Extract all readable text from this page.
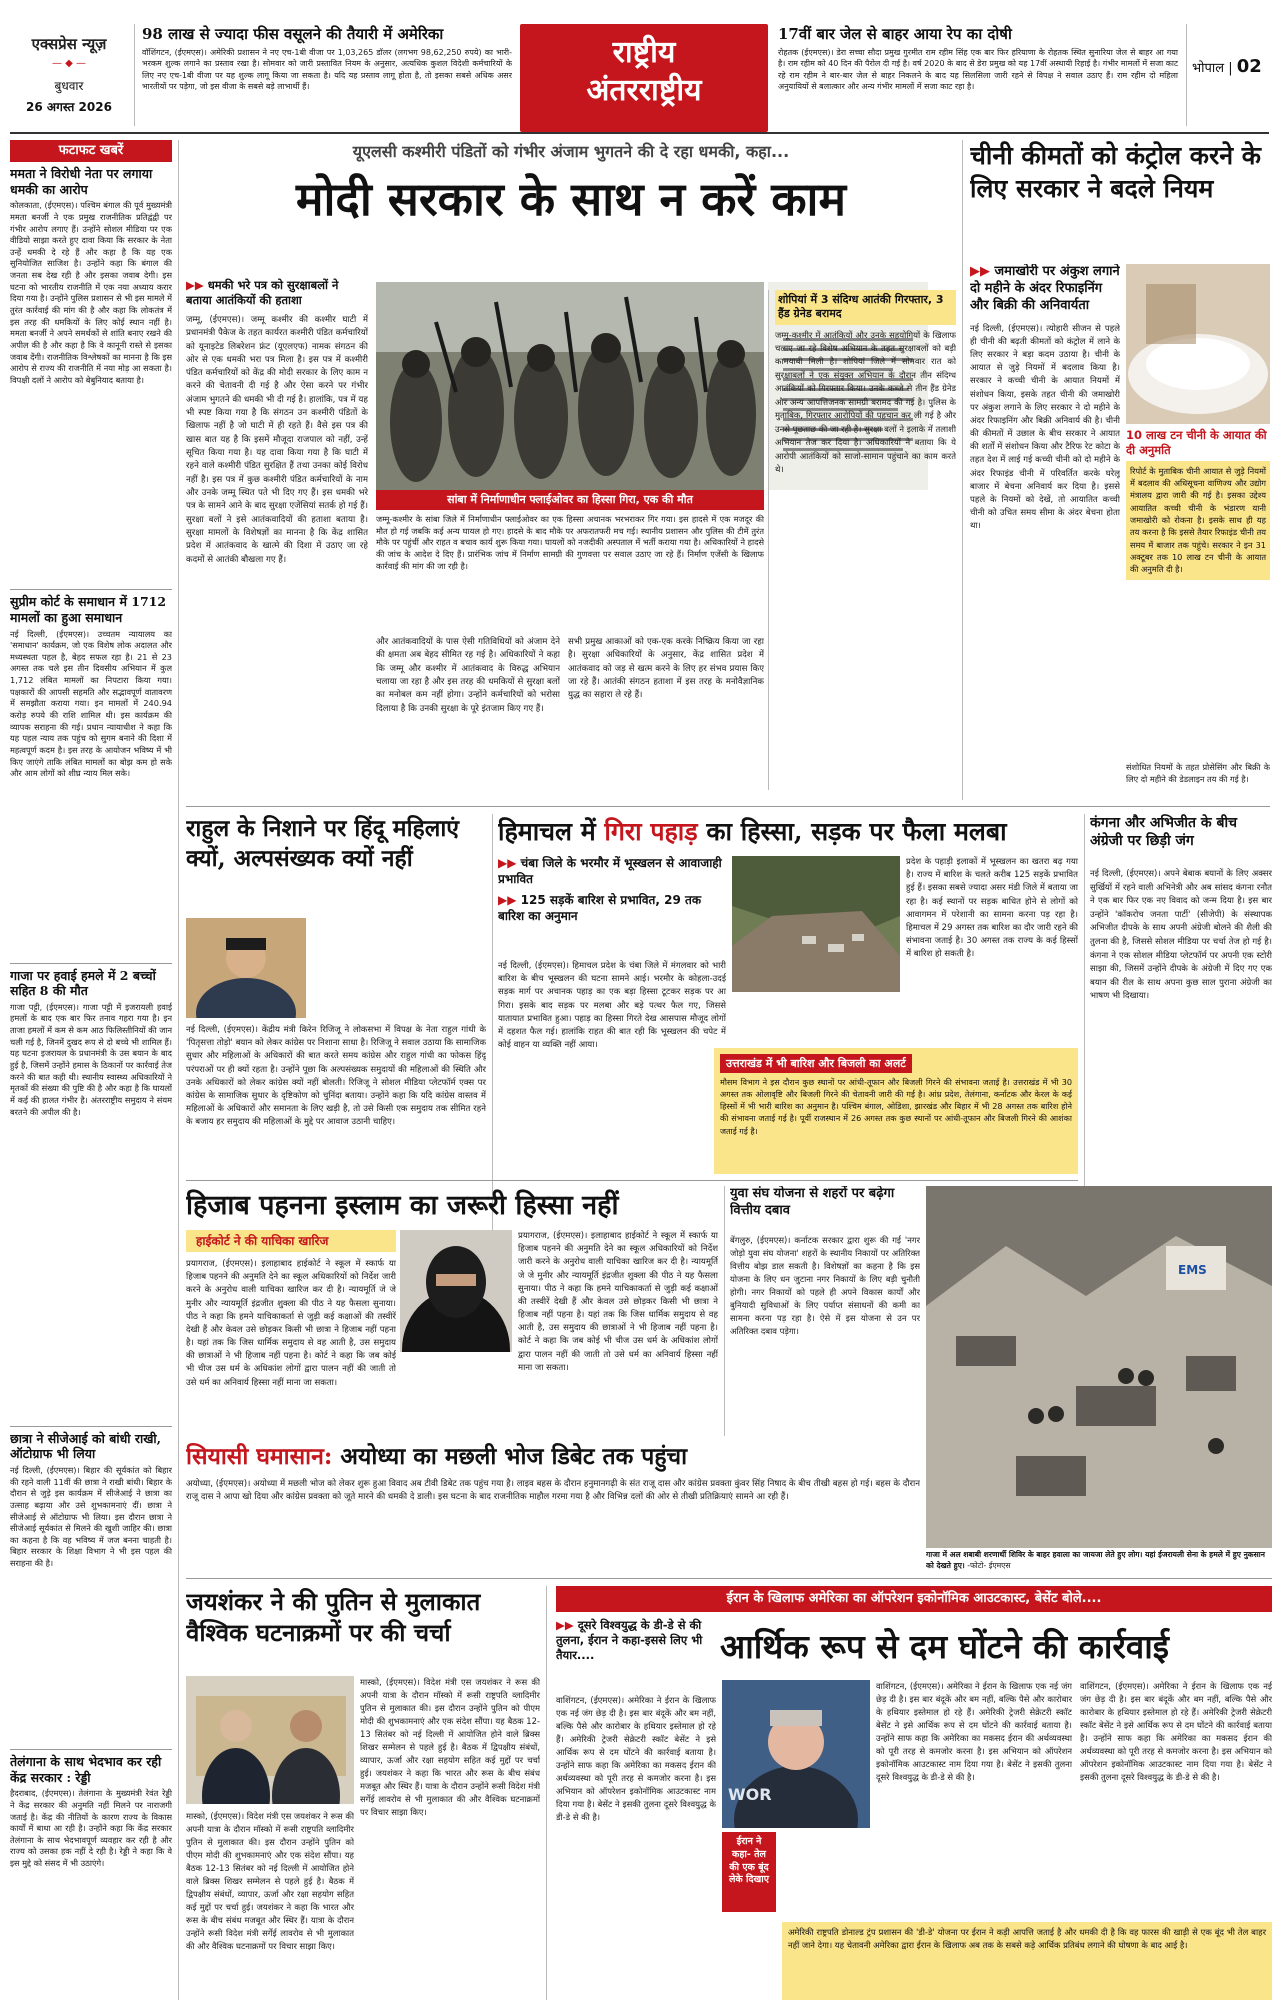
एक्सप्रेस न्यूज़
— ◆ —
बुधवार
26 अगस्त 2026
98 लाख से ज्यादा फीस वसूलने की तैयारी में अमेरिका
वॉशिंगटन, (ईएमएस)। अमेरिकी प्रशासन ने नए एच-1बी वीजा पर 1,03,265 डॉलर (लगभग 98,62,250 रुपये) का भारी-भरकम शुल्क लगाने का प्रस्ताव रखा है। सोमवार को जारी प्रस्तावित नियम के अनुसार, अत्यधिक कुशल विदेशी कर्मचारियों के लिए नए एच-1बी वीजा पर यह शुल्क लागू किया जा सकता है। यदि यह प्रस्ताव लागू होता है, तो इसका सबसे अधिक असर भारतीयों पर पड़ेगा, जो इस वीजा के सबसे बड़े लाभार्थी हैं।
राष्ट्रीय
अंतरराष्ट्रीय
17वीं बार जेल से बाहर आया रेप का दोषी
रोहतक (ईएमएस)। डेरा सच्चा सौदा प्रमुख गुरमीत राम रहीम सिंह एक बार फिर हरियाणा के रोहतक स्थित सुनारिया जेल से बाहर आ गया है। राम रहीम को 40 दिन की पैरोल दी गई है। वर्ष 2020 के बाद से डेरा प्रमुख को यह 17वीं अस्थायी रिहाई है। गंभीर मामलों में सजा काट रहे राम रहीम ने बार-बार जेल से बाहर निकलने के बाद यह सिलसिला जारी रहने से विपक्ष ने सवाल उठाए हैं। राम रहीम दो महिला अनुयायियों से बलात्कार और अन्य गंभीर मामलों में सजा काट रहा है।
भोपाल | 02
ममता ने विरोधी नेता पर लगाया धमकी का आरोप
कोलकाता, (ईएमएस)। पश्चिम बंगाल की पूर्व मुख्यमंत्री ममता बनर्जी ने एक प्रमुख राजनीतिक प्रतिद्वंद्वी पर गंभीर आरोप लगाए हैं। उन्होंने सोशल मीडिया पर एक वीडियो साझा करते हुए दावा किया कि सरकार के नेता उन्हें धमकी दे रहे हैं और कहा है कि यह एक सुनियोजित साजिश है। उन्होंने कहा कि बंगाल की जनता सब देख रही है और इसका जवाब देगी। इस घटना को भारतीय राजनीति में एक नया अध्याय करार दिया गया है। उन्होंने पुलिस प्रशासन से भी इस मामले में तुरंत कार्रवाई की मांग की है और कहा कि लोकतंत्र में इस तरह की धमकियों के लिए कोई स्थान नहीं है। ममता बनर्जी ने अपने समर्थकों से शांति बनाए रखने की अपील की है और कहा है कि वे कानूनी रास्ते से इसका जवाब देंगी। राजनीतिक विश्लेषकों का मानना है कि इस आरोप से राज्य की राजनीति में नया मोड़ आ सकता है। विपक्षी दलों ने आरोप को बेबुनियाद बताया है।
सुप्रीम कोर्ट के समाधान में 1712 मामलों का हुआ समाधान
नई दिल्ली, (ईएमएस)। उच्चतम न्यायालय का 'समाधान' कार्यक्रम, जो एक विशेष लोक अदालत और मध्यस्थता पहल है, बेहद सफल रहा है। 21 से 23 अगस्त तक चले इस तीन दिवसीय अभियान में कुल 1,712 लंबित मामलों का निपटारा किया गया। पक्षकारों की आपसी सहमति और सद्भावपूर्ण वातावरण में समझौता कराया गया। इन मामलों में 240.94 करोड़ रुपये की राशि शामिल थी। इस कार्यक्रम की व्यापक सराहना की गई। प्रधान न्यायाधीश ने कहा कि यह पहल न्याय तक पहुंच को सुगम बनाने की दिशा में महत्वपूर्ण कदम है। इस तरह के आयोजन भविष्य में भी किए जाएंगे ताकि लंबित मामलों का बोझ कम हो सके और आम लोगों को शीघ्र न्याय मिल सके।
गाजा पर हवाई हमले में 2 बच्चों सहित 8 की मौत
गाजा पट्टी, (ईएमएस)। गाजा पट्टी में इजरायली हवाई हमलों के बाद एक बार फिर तनाव गहरा गया है। इन ताजा हमलों में कम से कम आठ फिलिस्तीनियों की जान चली गई है, जिनमें दुखद रूप से दो बच्चे भी शामिल हैं। यह घटना इजरायल के प्रधानमंत्री के उस बयान के बाद हुई है, जिसमें उन्होंने हमास के ठिकानों पर कार्रवाई तेज करने की बात कही थी। स्थानीय स्वास्थ्य अधिकारियों ने मृतकों की संख्या की पुष्टि की है और कहा है कि घायलों में कई की हालत गंभीर है। अंतरराष्ट्रीय समुदाय ने संयम बरतने की अपील की है।
छात्रा ने सीजेआई को बांधी राखी, ऑटोग्राफ भी लिया
नई दिल्ली, (ईएमएस)। बिहार की सूर्यकांत को बिहार की रहने वाली 11वीं की छात्रा ने राखी बांधी। बिहार के दौरान से जुड़े इस कार्यक्रम में सीजेआई ने छात्रा का उत्साह बढ़ाया और उसे शुभकामनाएं दीं। छात्रा ने सीजेआई से ऑटोग्राफ भी लिया। इस दौरान छात्रा ने सीजेआई सूर्यकांत से मिलने की खुशी जाहिर की। छात्रा का कहना है कि वह भविष्य में जज बनना चाहती है। बिहार सरकार के शिक्षा विभाग ने भी इस पहल की सराहना की है।
तेलंगाना के साथ भेदभाव कर रही केंद्र सरकार : रेड्डी
हैदराबाद, (ईएमएस)। तेलंगाना के मुख्यमंत्री रेवंत रेड्डी ने केंद्र सरकार की अनुमति नहीं मिलने पर नाराजगी जताई है। केंद्र की नीतियों के कारण राज्य के विकास कार्यों में बाधा आ रही है। उन्होंने कहा कि केंद्र सरकार तेलंगाना के साथ भेदभावपूर्ण व्यवहार कर रही है और राज्य को उसका हक नहीं दे रही है। रेड्डी ने कहा कि वे इस मुद्दे को संसद में भी उठाएंगे।
फटाफट खबरें	यूएलसी कश्मीरी पंडितों को गंभीर अंजाम भुगतने की दे रहा धमकी, कहा...
मोदी सरकार के साथ न करें काम
▶▶ धमकी भरे पत्र को सुरक्षाबलों ने बताया आतंकियों की हताशा
जम्मू, (ईएमएस)। जम्मू कश्मीर की कश्मीर घाटी में प्रधानमंत्री पैकेज के तहत कार्यरत कश्मीरी पंडित कर्मचारियों को यूनाइटेड लिबरेशन फ्रंट (यूएलएफ) नामक संगठन की ओर से एक धमकी भरा पत्र मिला है। इस पत्र में कश्मीरी पंडित कर्मचारियों को केंद्र की मोदी सरकार के लिए काम न करने की चेतावनी दी गई है और ऐसा करने पर गंभीर अंजाम भुगतने की धमकी भी दी गई है। हालांकि, पत्र में यह भी स्पष्ट किया गया है कि संगठन उन कश्मीरी पंडितों के खिलाफ नहीं है जो घाटी में ही रहते हैं। वैसे इस पत्र की खास बात यह है कि इसमें मौजूदा राजपाल को नहीं, उन्हें सूचित किया गया है। यह दावा किया गया है कि घाटी में रहने वाले कश्मीरी पंडित सुरक्षित हैं तथा उनका कोई विरोध नहीं है। इस पत्र में कुछ कश्मीरी पंडित कर्मचारियों के नाम और उनके जम्मू स्थित पते भी दिए गए हैं। इस धमकी भरे पत्र के सामने आने के बाद सुरक्षा एजेंसियां सतर्क हो गई हैं। सुरक्षा बलों ने इसे आतंकवादियों की हताशा बताया है। सुरक्षा मामलों के विशेषज्ञों का मानना है कि केंद्र शासित प्रदेश में आतंकवाद के खात्मे की दिशा में उठाए जा रहे कदमों से आतंकी बौखला गए हैं।
सांबा में निर्माणाधीन फ्लाईओवर का हिस्सा गिरा, एक की मौत
जम्मू-कश्मीर के सांबा जिले में निर्माणाधीन फ्लाईओवर का एक हिस्सा अचानक भरभराकर गिर गया। इस हादसे में एक मजदूर की मौत हो गई जबकि कई अन्य घायल हो गए। हादसे के बाद मौके पर अफरातफरी मच गई। स्थानीय प्रशासन और पुलिस की टीमें तुरंत मौके पर पहुंचीं और राहत व बचाव कार्य शुरू किया गया। घायलों को नजदीकी अस्पताल में भर्ती कराया गया है। अधिकारियों ने हादसे की जांच के आदेश दे दिए हैं। प्रारंभिक जांच में निर्माण सामग्री की गुणवत्ता पर सवाल उठाए जा रहे हैं। निर्माण एजेंसी के खिलाफ कार्रवाई की मांग की जा रही है।
और आतंकवादियों के पास ऐसी गतिविधियों को अंजाम देने की क्षमता अब बेहद सीमित रह गई है। अधिकारियों ने कहा कि जम्मू और कश्मीर में आतंकवाद के विरुद्ध अभियान चलाया जा रहा है और इस तरह की धमकियों से सुरक्षा बलों का मनोबल कम नहीं होगा। उन्होंने कर्मचारियों को भरोसा दिलाया है कि उनकी सुरक्षा के पूरे इंतजाम किए गए हैं।
सभी प्रमुख आकाओं को एक-एक करके निष्क्रिय किया जा रहा है। सुरक्षा अधिकारियों के अनुसार, केंद्र शासित प्रदेश में आतंकवाद को जड़ से खत्म करने के लिए हर संभव प्रयास किए जा रहे हैं। आतंकी संगठन हताशा में इस तरह के मनोवैज्ञानिक युद्ध का सहारा ले रहे हैं।
शोपियां में 3 संदिग्ध आतंकी गिरफ्तार, 3 हैंड ग्रेनेड बरामद
जम्मू-कश्मीर में आतंकियों और उनके सहयोगियों के खिलाफ चलाए जा रहे विशेष अभियान के तहत सुरक्षाबलों को बड़ी कामयाबी मिली है। शोपियां जिले में सोमवार रात को सुरक्षाबलों ने एक संयुक्त अभियान के दौरान तीन संदिग्ध आतंकियों को गिरफ्तार किया। उनके कब्जे से तीन हैंड ग्रेनेड और अन्य आपत्तिजनक सामग्री बरामद की गई है। पुलिस के मुताबिक, गिरफ्तार आरोपियों की पहचान कर ली गई है और उनसे पूछताछ की जा रही है। सुरक्षा बलों ने इलाके में तलाशी अभियान तेज कर दिया है। अधिकारियों ने बताया कि ये आरोपी आतंकियों को साजो-सामान पहुंचाने का काम करते थे।
चीनी कीमतों को कंट्रोल करने के लिए सरकार ने बदले नियम
▶▶ जमाखोरी पर अंकुश लगाने दो महीने के अंदर रिफाइनिंग और बिक्री की अनिवार्यता
नई दिल्ली, (ईएमएस)। त्योहारी सीजन से पहले ही चीनी की बढ़ती कीमतों को कंट्रोल में लाने के लिए सरकार ने बड़ा कदम उठाया है। चीनी के आयात से जुड़े नियमों में बदलाव किया है। सरकार ने कच्ची चीनी के आयात नियमों में संशोधन किया, इसके तहत चीनी की जमाखोरी पर अंकुश लगाने के लिए सरकार ने दो महीने के अंदर रिफाइनिंग और बिक्री अनिवार्य की है। चीनी की कीमतों में उछाल के बीच सरकार ने आयात की शर्तों में संशोधन किया और टैरिफ रेट कोटा के तहत देश में लाई गई कच्ची चीनी को दो महीने के अंदर रिफाइंड चीनी में परिवर्तित करके घरेलू बाजार में बेचना अनिवार्य कर दिया है। इससे पहले के नियमों को देखें, तो आयातित कच्ची चीनी को उचित समय सीमा के अंदर बेचना होता था।
10 लाख टन चीनी के आयात की दी अनुमति
रिपोर्ट के मुताबिक चीनी आयात से जुड़े नियमों में बदलाव की अधिसूचना वाणिज्य और उद्योग मंत्रालय द्वारा जारी की गई है। इसका उद्देश्य आयातित कच्ची चीनी के भंडारण यानी जमाखोरी को रोकना है। इसके साथ ही यह तय करना है कि इससे तैयार रिफाइंड चीनी तय समय में बाजार तक पहुंचे। सरकार ने इन 31 अक्टूबर तक 10 लाख टन चीनी के आयात की अनुमति दी है।
संशोधित नियमों के तहत प्रोसेसिंग और बिक्री के लिए दो महीने की डेडलाइन तय की गई है।
राहुल के निशाने पर हिंदू महिलाएं क्यों, अल्पसंख्यक क्यों नहीं
नई दिल्ली, (ईएमएस)। केंद्रीय मंत्री किरेन रिजिजू ने लोकसभा में विपक्ष के नेता राहुल गांधी के 'पितृसत्ता तोड़ो' बयान को लेकर कांग्रेस पर निशाना साधा है। रिजिजू ने सवाल उठाया कि सामाजिक सुधार और महिलाओं के अधिकारों की बात करते समय कांग्रेस और राहुल गांधी का फोकस हिंदू परंपराओं पर ही क्यों रहता है। उन्होंने पूछा कि अल्पसंख्यक समुदायों की महिलाओं की स्थिति और उनके अधिकारों को लेकर कांग्रेस क्यों नहीं बोलती। रिजिजू ने सोशल मीडिया प्लेटफॉर्म एक्स पर कांग्रेस के सामाजिक सुधार के दृष्टिकोण को चुनिंदा बताया। उन्होंने कहा कि यदि कांग्रेस वास्तव में महिलाओं के अधिकारों और समानता के लिए खड़ी है, तो उसे किसी एक समुदाय तक सीमित रहने के बजाय हर समुदाय की महिलाओं के मुद्दे पर आवाज उठानी चाहिए।
हिमाचल में गिरा पहाड़ का हिस्सा, सड़क पर फैला मलबा
▶▶ चंबा जिले के भरमौर में भूस्खलन से आवाजाही प्रभावित
▶▶ 125 सड़कें बारिश से प्रभावित, 29 तक बारिश का अनुमान
नई दिल्ली, (ईएमएस)। हिमाचल प्रदेश के चंबा जिले में मंगलवार को भारी बारिश के बीच भूस्खलन की घटना सामने आई। भरमौर के कोहला-उदई सड़क मार्ग पर अचानक पहाड़ का एक बड़ा हिस्सा टूटकर सड़क पर आ गिरा। इसके बाद सड़क पर मलबा और बड़े पत्थर फैल गए, जिससे यातायात प्रभावित हुआ। पहाड़ का हिस्सा गिरते देख आसपास मौजूद लोगों में दहशत फैल गई। हालांकि राहत की बात रही कि भूस्खलन की चपेट में कोई वाहन या व्यक्ति नहीं आया।
प्रदेश के पहाड़ी इलाकों में भूस्खलन का खतरा बढ़ गया है। राज्य में बारिश के चलते करीब 125 सड़कें प्रभावित हुई हैं। इसका सबसे ज्यादा असर मंडी जिले में बताया जा रहा है। कई स्थानों पर सड़क बाधित होने से लोगों को आवागमन में परेशानी का सामना करना पड़ रहा है। हिमाचल में 29 अगस्त तक बारिश का दौर जारी रहने की संभावना जताई है। 30 अगस्त तक राज्य के कई हिस्सों में बारिश हो सकती है।
उत्तराखंड में भी बारिश और बिजली का अलर्ट
मौसम विभाग ने इस दौरान कुछ स्थानों पर आंधी-तूफान और बिजली गिरने की संभावना जताई है। उत्तराखंड में भी 30 अगस्त तक ओलावृष्टि और बिजली गिरने की चेतावनी जारी की गई है। आंध्र प्रदेश, तेलंगाना, कर्नाटक और केरल के कई हिस्सों में भी भारी बारिश का अनुमान है। पश्चिम बंगाल, ओडिशा, झारखंड और बिहार में भी 28 अगस्त तक बारिश होने की संभावना जताई गई है। पूर्वी राजस्थान में 26 अगस्त तक कुछ स्थानों पर आंधी-तूफान और बिजली गिरने की आशंका जताई गई है।
कंगना और अभिजीत के बीच अंग्रेजी पर छिड़ी जंग
नई दिल्ली, (ईएमएस)। अपने बेबाक बयानों के लिए अक्सर सुर्खियों में रहने वाली अभिनेत्री और अब सांसद कंगना रनौत ने एक बार फिर एक नए विवाद को जन्म दिया है। इस बार उन्होंने 'कॉकरोच जनता पार्टी' (सीजेपी) के संस्थापक अभिजीत दीपके के साथ अपनी अंग्रेजी बोलने की शैली की तुलना की है, जिससे सोशल मीडिया पर चर्चा तेज हो गई है। कंगना ने एक सोशल मीडिया प्लेटफॉर्म पर अपनी एक स्टोरी साझा की, जिसमें उन्होंने दीपके के अंग्रेजी में दिए गए एक बयान की रील के साथ अपना कुछ साल पुराना अंग्रेजी का भाषण भी दिखाया।
हिजाब पहनना इस्लाम का जरूरी हिस्सा नहीं
हाईकोर्ट ने की याचिका खारिज
प्रयागराज, (ईएमएस)। इलाहाबाद हाईकोर्ट ने स्कूल में स्कार्फ या हिजाब पहनने की अनुमति देने का स्कूल अधिकारियों को निर्देश जारी करने के अनुरोध वाली याचिका खारिज कर दी है। न्यायमूर्ति जे जे मुनीर और न्यायमूर्ति इंद्रजीत शुक्ला की पीठ ने यह फैसला सुनाया। पीठ ने कहा कि हमने याचिकाकर्ता से जुड़ी कई कक्षाओं की तस्वीरें देखी हैं और केवल उसे छोड़कर किसी भी छात्रा ने हिजाब नहीं पहना है। यहां तक कि जिस धार्मिक समुदाय से वह आती है, उस समुदाय की छात्राओं ने भी हिजाब नहीं पहना है। कोर्ट ने कहा कि जब कोई भी चीज उस धर्म के अधिकांश लोगों द्वारा पालन नहीं की जाती तो उसे धर्म का अनिवार्य हिस्सा नहीं माना जा सकता।
प्रयागराज, (ईएमएस)। इलाहाबाद हाईकोर्ट ने स्कूल में स्कार्फ या हिजाब पहनने की अनुमति देने का स्कूल अधिकारियों को निर्देश जारी करने के अनुरोध वाली याचिका खारिज कर दी है। न्यायमूर्ति जे जे मुनीर और न्यायमूर्ति इंद्रजीत शुक्ला की पीठ ने यह फैसला सुनाया। पीठ ने कहा कि हमने याचिकाकर्ता से जुड़ी कई कक्षाओं की तस्वीरें देखी हैं और केवल उसे छोड़कर किसी भी छात्रा ने हिजाब नहीं पहना है। यहां तक कि जिस धार्मिक समुदाय से वह आती है, उस समुदाय की छात्राओं ने भी हिजाब नहीं पहना है। कोर्ट ने कहा कि जब कोई भी चीज उस धर्म के अधिकांश लोगों द्वारा पालन नहीं की जाती तो उसे धर्म का अनिवार्य हिस्सा नहीं माना जा सकता।
युवा संघ योजना से शहरों पर बढ़ेगा वित्तीय दबाव
बेंगलुरु, (ईएमएस)। कर्नाटक सरकार द्वारा शुरू की गई 'नगर जोड़ो युवा संघ योजना' शहरों के स्थानीय निकायों पर अतिरिक्त वित्तीय बोझ डाल सकती है। विशेषज्ञों का कहना है कि इस योजना के लिए धन जुटाना नगर निकायों के लिए बड़ी चुनौती होगी। नगर निकायों को पहले ही अपने विकास कार्यों और बुनियादी सुविधाओं के लिए पर्याप्त संसाधनों की कमी का सामना करना पड़ रहा है। ऐसे में इस योजना से उन पर अतिरिक्त दबाव पड़ेगा।
EMS
गाजा में अल शबाबी शरणार्थी शिविर के बाहर हवाला का जायजा लेते हुए लोग। यहां ईजरायली सेना के हमले में हुए नुकसान को देखते हुए। -फोटो- ईएमएस
सियासी घमासान: अयोध्या का मछली भोज डिबेट तक पहुंचा
अयोध्या, (ईएमएस)। अयोध्या में मछली भोज को लेकर शुरू हुआ विवाद अब टीवी डिबेट तक पहुंच गया है। लाइव बहस के दौरान हनुमानगढ़ी के संत राजू दास और कांग्रेस प्रवक्ता कुंवर सिंह निषाद के बीच तीखी बहस हो गई। बहस के दौरान राजू दास ने आपा खो दिया और कांग्रेस प्रवक्ता को जूते मारने की धमकी दे डाली। इस घटना के बाद राजनीतिक माहौल गरमा गया है और विभिन्न दलों की ओर से तीखी प्रतिक्रियाएं सामने आ रही हैं।
जयशंकर ने की पुतिन से मुलाकात वैश्विक घटनाक्रमों पर की चर्चा
मास्को, (ईएमएस)। विदेश मंत्री एस जयशंकर ने रूस की अपनी यात्रा के दौरान मॉस्को में रूसी राष्ट्रपति व्लादिमीर पुतिन से मुलाकात की। इस दौरान उन्होंने पुतिन को पीएम मोदी की शुभकामनाएं और एक संदेश सौंपा। यह बैठक 12-13 सितंबर को नई दिल्ली में आयोजित होने वाले ब्रिक्स शिखर सम्मेलन से पहले हुई है। बैठक में द्विपक्षीय संबंधों, व्यापार, ऊर्जा और रक्षा सहयोग सहित कई मुद्दों पर चर्चा हुई। जयशंकर ने कहा कि भारत और रूस के बीच संबंध मजबूत और स्थिर हैं। यात्रा के दौरान उन्होंने रूसी विदेश मंत्री सर्गेई लावरोव से भी मुलाकात की और वैश्विक घटनाक्रमों पर विचार साझा किए।
मास्को, (ईएमएस)। विदेश मंत्री एस जयशंकर ने रूस की अपनी यात्रा के दौरान मॉस्को में रूसी राष्ट्रपति व्लादिमीर पुतिन से मुलाकात की। इस दौरान उन्होंने पुतिन को पीएम मोदी की शुभकामनाएं और एक संदेश सौंपा। यह बैठक 12-13 सितंबर को नई दिल्ली में आयोजित होने वाले ब्रिक्स शिखर सम्मेलन से पहले हुई है। बैठक में द्विपक्षीय संबंधों, व्यापार, ऊर्जा और रक्षा सहयोग सहित कई मुद्दों पर चर्चा हुई। जयशंकर ने कहा कि भारत और रूस के बीच संबंध मजबूत और स्थिर हैं। यात्रा के दौरान उन्होंने रूसी विदेश मंत्री सर्गेई लावरोव से भी मुलाकात की और वैश्विक घटनाक्रमों पर विचार साझा किए।
ईरान के खिलाफ अमेरिका का ऑपरेशन इकोनॉमिक आउटकास्ट, बेसेंट बोले....
▶▶ दूसरे विश्वयुद्ध के डी-डे से की तुलना, ईरान ने कहा-इससे लिए भी तैयार....	आर्थिक रूप से दम घोंटने की कार्रवाई
वाशिंगटन, (ईएमएस)। अमेरिका ने ईरान के खिलाफ एक नई जंग छेड़ दी है। इस बार बंदूकें और बम नहीं, बल्कि पैसे और कारोबार के हथियार इस्तेमाल हो रहे हैं। अमेरिकी ट्रेजरी सेक्रेटरी स्कॉट बेसेंट ने इसे आर्थिक रूप से दम घोंटने की कार्रवाई बताया है। उन्होंने साफ कहा कि अमेरिका का मकसद ईरान की अर्थव्यवस्था को पूरी तरह से कमजोर करना है। इस अभियान को ऑपरेशन इकोनॉमिक आउटकास्ट नाम दिया गया है। बेसेंट ने इसकी तुलना दूसरे विश्वयुद्ध के डी-डे से की है।
WOR
ईरान ने कहा- तेल की एक बूंद लेके दिखाए
वाशिंगटन, (ईएमएस)। अमेरिका ने ईरान के खिलाफ एक नई जंग छेड़ दी है। इस बार बंदूकें और बम नहीं, बल्कि पैसे और कारोबार के हथियार इस्तेमाल हो रहे हैं। अमेरिकी ट्रेजरी सेक्रेटरी स्कॉट बेसेंट ने इसे आर्थिक रूप से दम घोंटने की कार्रवाई बताया है। उन्होंने साफ कहा कि अमेरिका का मकसद ईरान की अर्थव्यवस्था को पूरी तरह से कमजोर करना है। इस अभियान को ऑपरेशन इकोनॉमिक आउटकास्ट नाम दिया गया है। बेसेंट ने इसकी तुलना दूसरे विश्वयुद्ध के डी-डे से की है।
वाशिंगटन, (ईएमएस)। अमेरिका ने ईरान के खिलाफ एक नई जंग छेड़ दी है। इस बार बंदूकें और बम नहीं, बल्कि पैसे और कारोबार के हथियार इस्तेमाल हो रहे हैं। अमेरिकी ट्रेजरी सेक्रेटरी स्कॉट बेसेंट ने इसे आर्थिक रूप से दम घोंटने की कार्रवाई बताया है। उन्होंने साफ कहा कि अमेरिका का मकसद ईरान की अर्थव्यवस्था को पूरी तरह से कमजोर करना है। इस अभियान को ऑपरेशन इकोनॉमिक आउटकास्ट नाम दिया गया है। बेसेंट ने इसकी तुलना दूसरे विश्वयुद्ध के डी-डे से की है।
अमेरिकी राष्ट्रपति डोनाल्ड ट्रंप प्रशासन की 'डी-डे' योजना पर ईरान ने कड़ी आपत्ति जताई है और धमकी दी है कि वह फारस की खाड़ी से एक बूंद भी तेल बाहर नहीं जाने देगा। यह चेतावनी अमेरिका द्वारा ईरान के खिलाफ अब तक के सबसे कड़े आर्थिक प्रतिबंध लगाने की घोषणा के बाद आई है।
